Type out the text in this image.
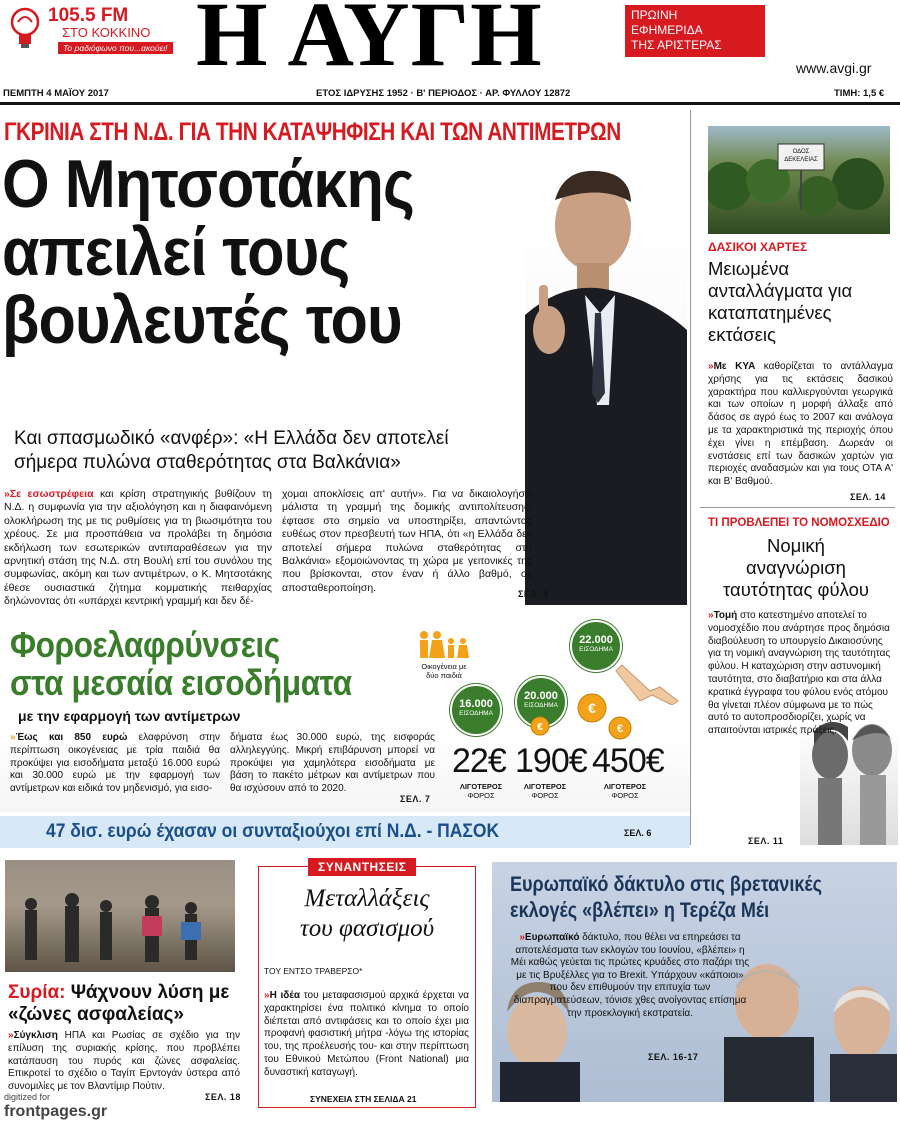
105.5 FM
ΣΤΟ ΚΟΚΚΙΝΟ
Το ραδιόφωνο που...ακούει! Η ΑΥΓΗ	ΠΡΩΙΝΗ
ΕΦΗΜΕΡΙΔΑ
ΤΗΣ ΑΡΙΣΤΕΡΑΣ
www.avgi.gr
ΠΕΜΠΤΗ 4 ΜΑΪΟΥ 2017	ΕΤΟΣ ΙΔΡΥΣΗΣ 1952 · Β' ΠΕΡΙΟΔΟΣ · ΑΡ. ΦΥΛΛΟΥ 12872	ΤΙΜΗ: 1,5 €
ΓΚΡΙΝΙΑ ΣΤΗ Ν.Δ. ΓΙΑ ΤΗΝ ΚΑΤΑΨΗΦΙΣΗ ΚΑΙ ΤΩΝ ΑΝΤΙΜΕΤΡΩΝ
Ο Μητσοτάκης
απειλεί τους
βουλευτές του
Και σπασμωδικό «ανφέρ»: «Η Ελλάδα δεν αποτελεί
σήμερα πυλώνα σταθερότητας στα Βαλκάνια»
»Σε εσωστρέφεια και κρίση στρατηγικής βυθίζουν τη Ν.Δ. η συμφωνία για την αξιολόγηση και η διαφαινόμενη ολοκλήρωση της με τις ρυθμίσεις για τη βιωσιμότητα του χρέους. Σε μια προσπάθεια να προλάβει τη δημόσια εκδήλωση των εσωτερικών αντιπαραθέσεων για την αρνητική στάση της Ν.Δ. στη Βουλή επί του συνόλου της συμφωνίας, ακόμη και των αντιμέτρων, ο Κ. Μητσοτάκης έθεσε ουσιαστικά ζήτημα κομματικής πειθαρχίας δηλώνοντας ότι «υπάρχει κεντρική γραμμή και δεν δέ-
χομαι αποκλίσεις απ' αυτήν». Για να δικαιολογήσει μάλιστα τη γραμμή της δομικής αντιπολίτευσης, έφτασε στο σημείο να υποστηρίξει, απαντώντας ευθέως στον πρεσβευτή των ΗΠΑ, ότι «η Ελλάδα δεν αποτελεί σήμερα πυλώνα σταθερότητας στα Βαλκάνια» εξομοιώνοντας τη χώρα με γειτονικές της που βρίσκονται, στον έναν ή άλλο βαθμό, σε αποσταθεροποίηση.
ΣΕΛ. 4
ΟΔΟΣ
ΔΕΚΕΛΕΙΑΣ
ΔΑΣΙΚΟΙ ΧΑΡΤΕΣ
Μειωμένα ανταλλάγματα για καταπατημένες εκτάσεις
»Με ΚΥΑ καθορίζεται το αντάλλαγμα χρήσης για τις εκτάσεις δασικού χαρακτήρα που καλλιεργούνται γεωργικά και των οποίων η μορφή άλλαξε από δάσος σε αγρό έως το 2007 και ανάλογα με τα χαρακτηριστικά της περιοχής όπου έχει γίνει η επέμβαση. Δωρεάν οι ενστάσεις επί των δασικών χαρτών για περιοχές αναδασμών και για τους ΟΤΑ Α' και Β' Βαθμού.
ΣΕΛ. 14
ΤΙ ΠΡΟΒΛΕΠΕΙ ΤΟ ΝΟΜΟΣΧΕΔΙΟ
Νομική αναγνώριση ταυτότητας φύλου
»Τομή στο κατεστημένο αποτελεί το νομοσχέδιο που ανάρτησε προς δημόσια διαβούλευση το υπουργείο Δικαιοσύνης για τη νομική αναγνώριση της ταυτότητας φύλου. Η καταχώριση στην αστυνομική ταυτότητα, στο διαβατήριο και στα άλλα κρατικά έγγραφα του φύλου ενός ατόμου θα γίνεται πλέον σύμφωνα με το πώς αυτό το αυτοπροσδιορίζει, χωρίς να απαιτούνται ιατρικές πράξεις.
ΣΕΛ. 11
Φοροελαφρύνσεις
στα μεσαία εισοδήματα
με την εφαρμογή των αντίμετρων
»Έως και 850 ευρώ ελαφρύνση στην περίπτωση οικογένειας με τρία παιδιά θα προκύψει για εισοδήματα μεταξύ 16.000 ευρώ και 30.000 ευρώ με την εφαρμογή των αντίμετρων και ειδικά τον μηδενισμό, για εισο-
δήματα έως 30.000 ευρώ, της εισφοράς αλληλεγγύης. Μικρή επιβάρυνση μπορεί να προκύψει για χαμηλότερα εισοδήματα με βάση το πακέτο μέτρων και αντίμετρων που θα ισχύσουν από το 2020.
ΣΕΛ. 7
Οικογένεια με
δύο παιδιά
16.000
ΕΙΣΟΔΗΜΑ
20.000
ΕΙΣΟΔΗΜΑ
22.000
ΕΙΣΟΔΗΜΑ
€
€
€
22€ 190€ 450€
ΛΙΓΟΤΕΡΟΣ
ΦΟΡΟΣ
ΛΙΓΟΤΕΡΟΣ
ΦΟΡΟΣ
ΛΙΓΟΤΕΡΟΣ
ΦΟΡΟΣ
47 δισ. ευρώ έχασαν οι συνταξιούχοι επί Ν.Δ. - ΠΑΣΟΚ	ΣΕΛ. 6
Συρία: Ψάχνουν λύση με «ζώνες ασφαλείας»
»Σύγκλιση ΗΠΑ και Ρωσίας σε σχέδιο για την επίλυση της συριακής κρίσης, που προβλέπει κατάπαυση του πυρός και ζώνες ασφαλείας. Επικροτεί το σχέδιο ο Ταγίπ Ερντογάν ύστερα από συνομιλίες με τον Βλαντίμιρ Πούτιν.
ΣΕΛ. 18
ΣΥΝΑΝΤΗΣΕΙΣ
Μεταλλάξεις
του φασισμού
ΤΟΥ ΕΝΤΣΟ ΤΡΑΒΕΡΣΟ*
»Η ιδέα του μεταφασισμού αρχικά έρχεται να χαρακτηρίσει ένα πολιτικό κίνημα το οποίο διέπεται από αντιφάσεις και το οποίο έχει μια προφανή φασιστική μήτρα -λόγω της ιστορίας του, της προέλευσής του- και στην περίπτωση του Εθνικού Μετώπου (Front National) μια δυναστική καταγωγή.
ΣΥΝΕΧΕΙΑ ΣΤΗ ΣΕΛΙΔΑ 21
Ευρωπαϊκό δάκτυλο στις βρετανικές
εκλογές «βλέπει» η Τερέζα Μέι
»Ευρωπαϊκό δάκτυλο, που θέλει να επηρεάσει τα αποτελέσματα των εκλογών του Ιουνίου, «βλέπει» η Μέι καθώς γεύεται τις πρώτες κρυάδες στο παζάρι της με τις Βρυξέλλες για το Brexit. Υπάρχουν «κάποιοι» που δεν επιθυμούν την επιτυχία των διαπραγματεύσεων, τόνισε χθες ανοίγοντας επίσημα την προεκλογική εκστρατεία.
ΣΕΛ. 16-17
digitized for
frontpages.gr
